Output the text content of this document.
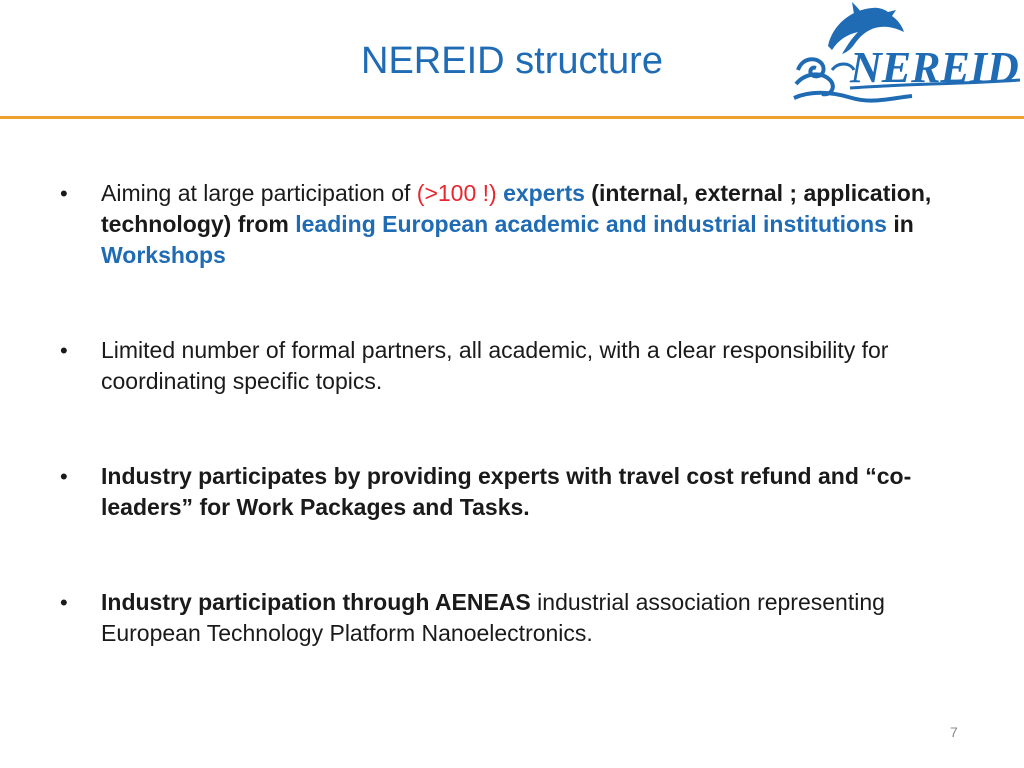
NEREID structure	NEREID
•	Aiming at large participation of (>100 !) experts (internal, external ; application, technology) from leading European academic and industrial institutions in Workshops
•	Limited number of formal partners, all academic, with a clear responsibility for coordinating specific topics.
•	Industry participates by providing experts with travel cost refund and “co-leaders” for Work Packages and Tasks.
•	Industry participation through AENEAS industrial association representing European Technology Platform Nanoelectronics.
7
